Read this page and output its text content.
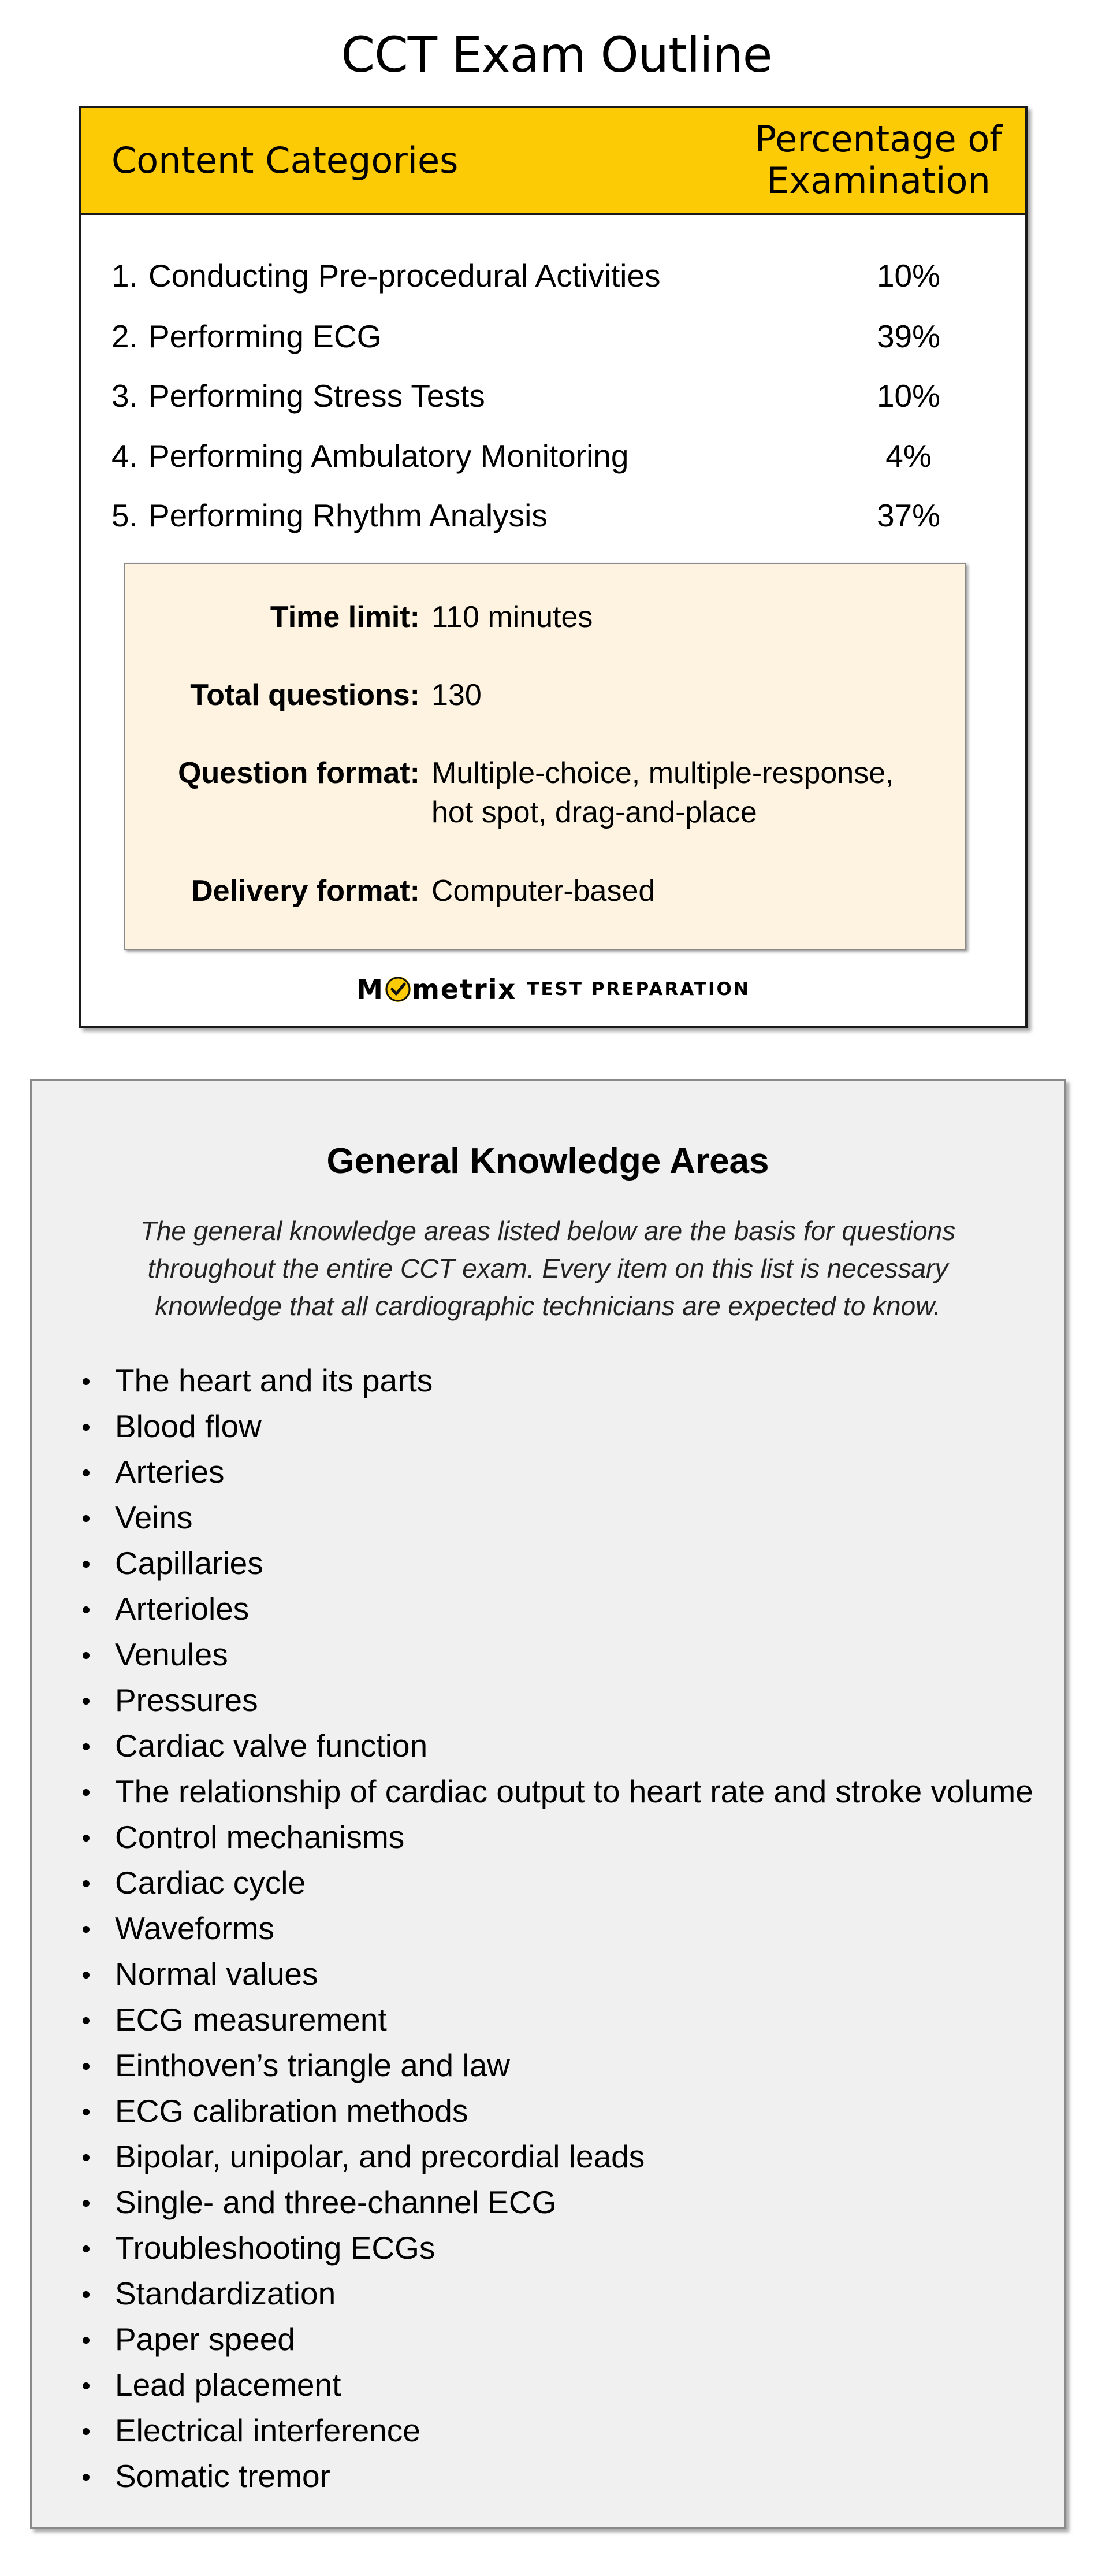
CCT Exam Outline
Content Categories
Percentage of
Examination
1. Conducting Pre-procedural Activities	10%
2. Performing ECG	39%
3. Performing Stress Tests	10%
4. Performing Ambulatory Monitoring	4%
5. Performing Rhythm Analysis	37%
Time limit: 110 minutes
Total questions: 130
Question format: Multiple-choice, multiple-response,
hot spot, drag-and-place
Delivery format: Computer-based
M metrix TEST PREPARATION
General Knowledge Areas
The general knowledge areas listed below are the basis for questions
throughout the entire CCT exam. Every item on this list is necessary
knowledge that all cardiographic technicians are expected to know.
The heart and its parts
Blood flow
Arteries
Veins
Capillaries
Arterioles
Venules
Pressures
Cardiac valve function
The relationship of cardiac output to heart rate and stroke volume
Control mechanisms
Cardiac cycle
Waveforms
Normal values
ECG measurement
Einthoven’s triangle and law
ECG calibration methods
Bipolar, unipolar, and precordial leads
Single- and three-channel ECG
Troubleshooting ECGs
Standardization
Paper speed
Lead placement
Electrical interference
Somatic tremor
